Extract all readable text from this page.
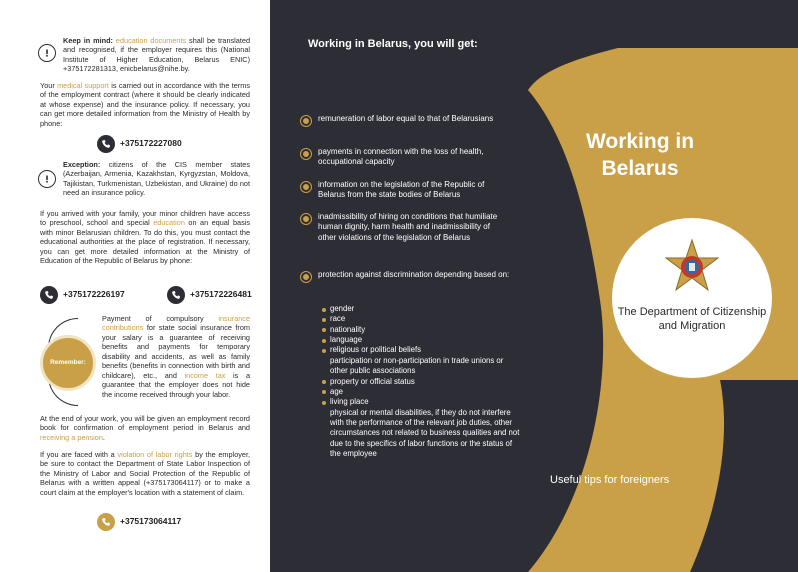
Keep in mind: education documents shall be translated and recognised, if the employer requires this (National Institute of Higher Education, Belarus ENIC) +375172281313, enicbelarus@nihe.by.
Your medical support is carried out in accordance with the terms of the employment contract (where it should be clearly indicated at whose expense) and the insurance policy. If necessary, you can get more detailed information from the Ministry of Health by phone:
+375172227080
Exception: citizens of the CIS member states (Azerbaijan, Armenia, Kazakhstan, Kyrgyzstan, Moldova, Tajikistan, Turkmenistan, Uzbekistan, and Ukraine) do not need an insurance policy.
If you arrived with your family, your minor children have access to preschool, school and special education on an equal basis with minor Belarusian children. To do this, you must contact the educational authorities at the place of registration. If necessary, you can get more detailed information at the Ministry of Education of the Republic of Belarus by phone:
+375172226197	+375172226481
Remember:
Payment of compulsory insurance contributions for state social insurance from your salary is a guarantee of receiving benefits and payments for temporary disability and accidents, as well as family benefits (benefits in connection with birth and childcare), etc., and income tax is a guarantee that the employer does not hide the income received through your labor.
At the end of your work, you will be given an employment record book for confirmation of employment period in Belarus and receiving a pension.
If you are faced with a violation of labor rights by the employer, be sure to contact the Department of State Labor Inspection of the Ministry of Labor and Social Protection of the Republic of Belarus with a written appeal (+375173064117) or to make a court claim at the employer's location with a statement of claim.
+375173064117
Working in Belarus, you will get:
remuneration of labor equal to that of Belarusians
payments in connection with the loss of health, occupational capacity
information on the legislation of the Republic of Belarus from the state bodies of Belarus
inadmissibility of hiring on conditions that humiliate human dignity, harm health and inadmissibility of other violations of the legislation of Belarus
protection against discrimination depending based on:
gender
race
nationality
language
religious or political beliefs
participation or non-participation in trade unions or other public associations
property or official status
age
living place
physical or mental disabilities, if they do not interfere with the performance of the relevant job duties, other circumstances not related to business qualities and not due to the specifics of labor functions or the status of the employee
Working in Belarus
The Department of Citizenship and Migration
Useful tips for foreigners
